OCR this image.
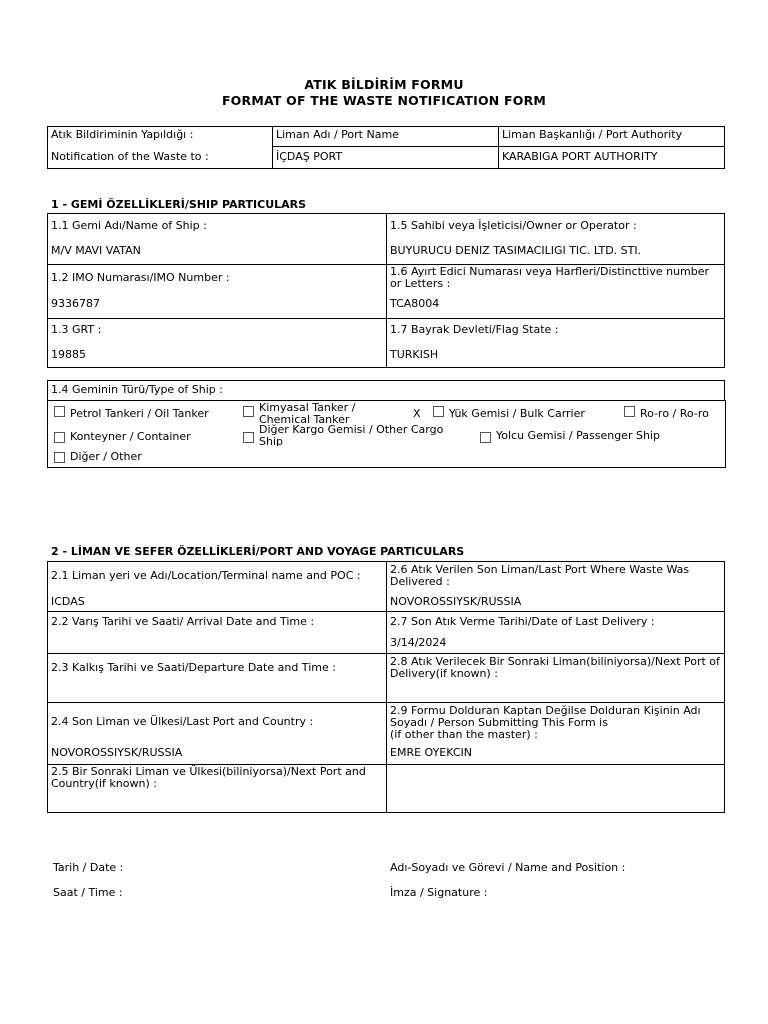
ATIK BİLDİRİM FORMU
FORMAT OF THE WASTE NOTIFICATION FORM
Atık Bildiriminin Yapıldığı :
Notification of the Waste to :
Liman Adı / Port Name
İÇDAŞ PORT
Liman Başkanlığı / Port Authority
KARABIGA PORT AUTHORITY
1 - GEMİ ÖZELLİKLERİ/SHIP PARTICULARS
1.1 Gemi Adı/Name of Ship :
M/V MAVI VATAN
1.5 Sahibi veya İşleticisi/Owner or Operator :
BUYURUCU DENIZ TASIMACILIGI TIC. LTD. STI.
1.2 IMO Numarası/IMO Number :
9336787
1.6 Ayırt Edici Numarası veya Harfleri/Distincttive number or Letters :
TCA8004
1.3 GRT :
19885
1.7 Bayrak Devleti/Flag State :
TURKISH
1.4 Geminin Türü/Type of Ship :
Petrol Tankeri / Oil Tanker	Kimyasal Tanker / Chemical Tanker	X	Yük Gemisi / Bulk Carrier	Ro-ro / Ro-ro
Konteyner / Container
Diğer Kargo Gemisi / Other Cargo Ship	Yolcu Gemisi / Passenger Ship
Diğer / Other
2 - LİMAN VE SEFER ÖZELLİKLERİ/PORT AND VOYAGE PARTICULARS
2.1 Liman yeri ve Adı/Location/Terminal name and POC :
ICDAS
2.6 Atık Verilen Son Liman/Last Port Where Waste Was Delivered :
NOVOROSSIYSK/RUSSIA
2.2 Varış Tarihi ve Saati/ Arrival Date and Time :	2.7 Son Atık Verme Tarihi/Date of Last Delivery :
3/14/2024
2.3 Kalkış Tarihi ve Saati/Departure Date and Time :	2.8 Atık Verilecek Bir Sonraki Liman(biliniyorsa)/Next Port of Delivery(if known) :
2.4 Son Liman ve Ülkesi/Last Port and Country :
NOVOROSSIYSK/RUSSIA
2.9 Formu Dolduran Kaptan Değilse Dolduran Kişinin Adı Soyadı / Person Submitting This Form is
(if other than the master) :
EMRE OYEKCIN
2.5 Bir Sonraki Liman ve Ülkesi(biliniyorsa)/Next Port and Country(if known) :
Tarih / Date :
Saat / Time :
Adı-Soyadı ve Görevi / Name and Position :
İmza / Signature :
